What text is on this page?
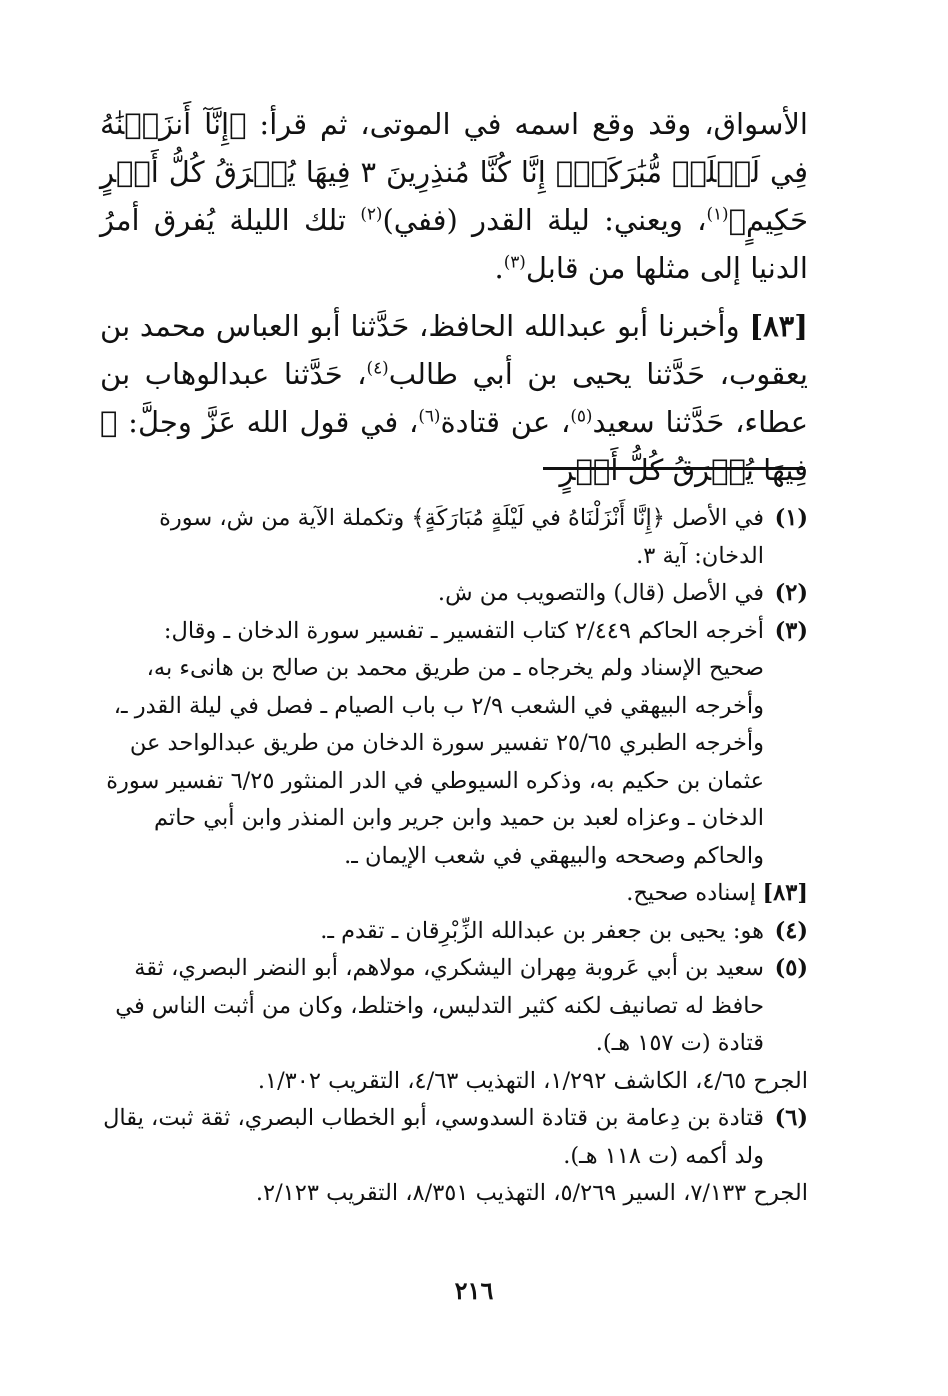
الأسواق، وقد وقع اسمه في الموتى، ثم قرأ: ﴿إِنَّآ أَنزَلۡنَٰهُ فِي لَيۡلَةٖ مُّبَٰرَكَةٍۚ إِنَّا كُنَّا مُنذِرِينَ ٣ فِيهَا يُفۡرَقُ كُلُّ أَمۡرٍ حَكِيمٍ﴾$^{(١)}$، ويعني: ليلة القدر (ففي)$^{(٢)}$ تلك الليلة يُفرق أمرُ الدنيا إلى مثلها من قابل$^{(٣)}$.

[٨٣] وأخبرنا أبو عبدالله الحافظ، حَدَّثنا أبو العباس محمد بن يعقوب، حَدَّثنا يحيى بن أبي طالب$^{(٤)}$، حَدَّثنا عبدالوهاب بن عطاء، حَدَّثنا سعيد$^{(٥)}$، عن قتادة$^{(٦)}$، في قول الله عَزَّ وجلَّ: ﴿ فِيهَا يُفۡرَقُ كُلُّ أَمۡرٍ

(١)
في الأصل ﴿إِنَّا أَنْزَلْنَاهُ في لَيْلَةٍ مُبَارَكَةٍ﴾ وتكملة الآية من ش، سورة
الدخان: آية ٣.
(٢)
في الأصل (قال) والتصويب من ش.
(٣)
أخرجه الحاكم ٢/٤٤٩ كتاب التفسير ـ تفسير سورة الدخان ـ وقال:
صحيح الإسناد ولم يخرجاه ـ من طريق محمد بن صالح بن هانىء به،
وأخرجه البيهقي في الشعب ٢/٩ ب باب الصيام ـ فصل في ليلة القدر ـ،
وأخرجه الطبري ٢٥/٦٥ تفسير سورة الدخان من طريق عبدالواحد عن
عثمان بن حكيم به، وذكره السيوطي في الدر المنثور ٦/٢٥ تفسير سورة
الدخان ـ وعزاه لعبد بن حميد وابن جرير وابن المنذر وابن أبي حاتم
والحاكم وصححه والبيهقي في شعب الإيمان ـ.
[٨٣]
إسناده صحيح.
(٤)
هو: يحيى بن جعفر بن عبدالله الزِّبْرِقان ـ تقدم ـ.
(٥)
سعيد بن أبي عَروبة مِهران اليشكري، مولاهم، أبو النضر البصري، ثقة
حافظ له تصانيف لكنه كثير التدليس، واختلط، وكان من أثبت الناس في
قتادة (ت ١٥٧ هـ).
الجرح ٤/٦٥، الكاشف ١/٢٩٢، التهذيب ٤/٦٣، التقريب ١/٣٠٢.
(٦)
قتادة بن دِعامة بن قتادة السدوسي، أبو الخطاب البصري، ثقة ثبت، يقال
ولد أكمه (ت ١١٨ هـ).
الجرح ٧/١٣٣، السير ٥/٢٦٩، التهذيب ٨/٣٥١، التقريب ٢/١٢٣.
٢١٦
